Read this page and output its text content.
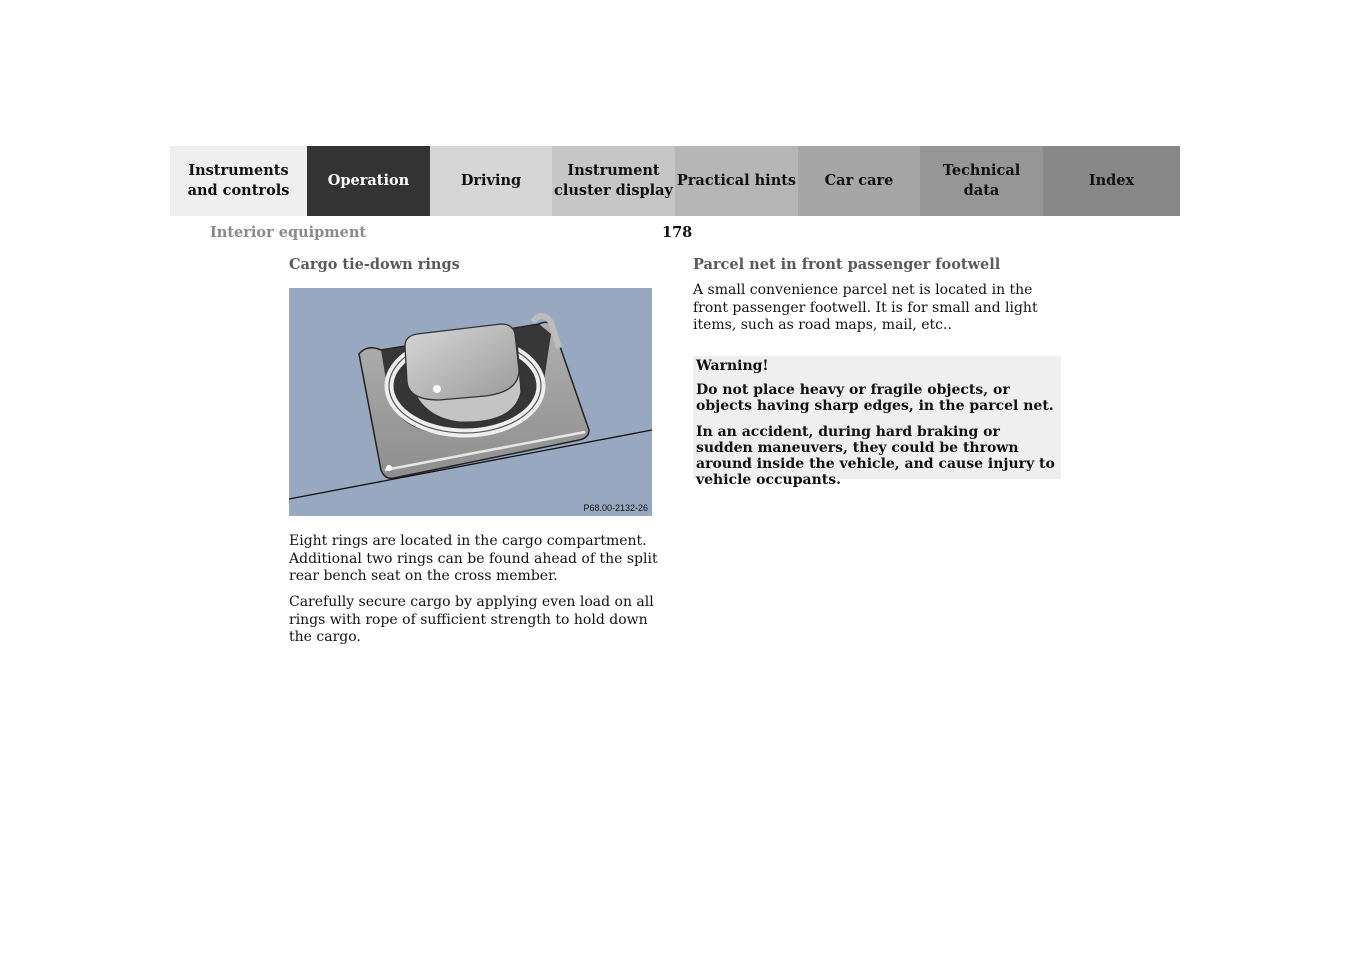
Instruments
and controls
Operation	Driving
Instrument
cluster display
Practical hints Car care
Technical
data
Index
Interior equipment	178
Cargo tie-down rings
P68.00-2132-26

Eight rings are located in the cargo compartment. Additional two rings can be found ahead of the split rear bench seat on the cross member.

Carefully secure cargo by applying even load on all rings with rope of sufficient strength to hold down the cargo.

Parcel net in front passenger footwell

A small convenience parcel net is located in the front passenger footwell. It is for small and light items, such as road maps, mail, etc..

Warning!

Do not place heavy or fragile objects, or objects having sharp edges, in the parcel net.

In an accident, during hard braking or sudden maneuvers, they could be thrown around inside the vehicle, and cause injury to vehicle occupants.
